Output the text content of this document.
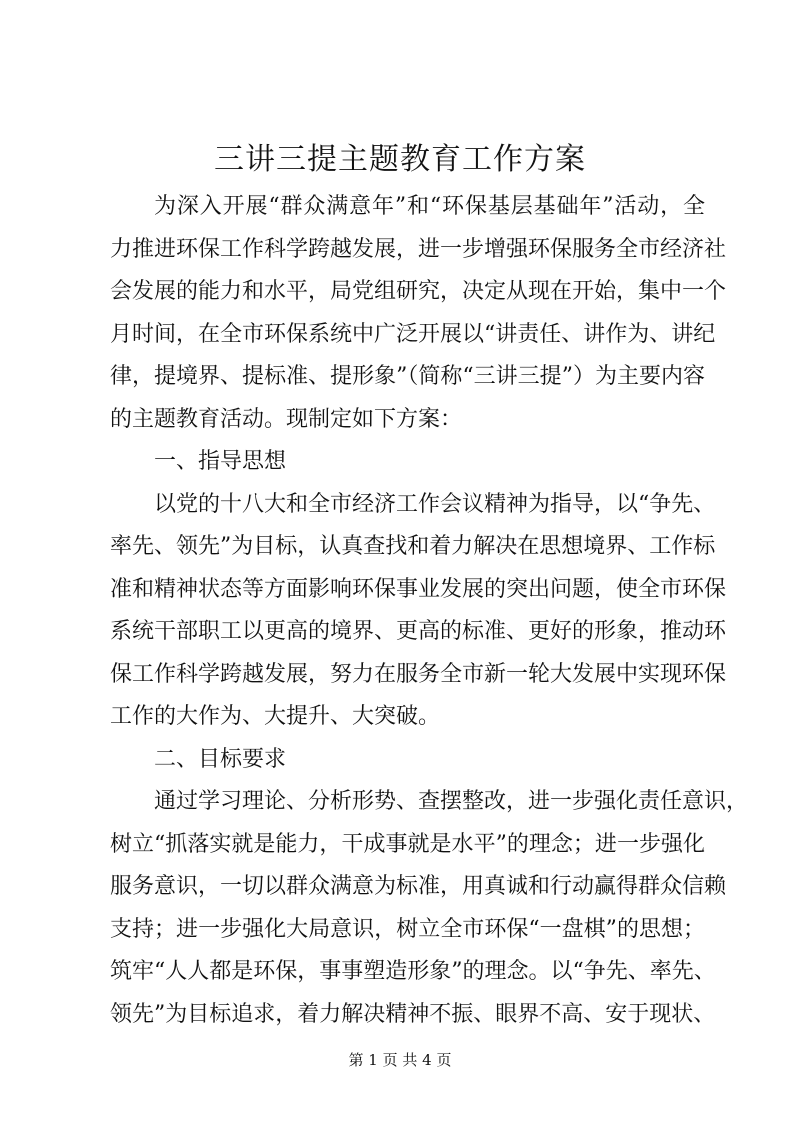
三讲三提主题教育工作方案
为深入开展“群众满意年”和“环保基层基础年”活动，全
力推进环保工作科学跨越发展，进一步增强环保服务全市经济社
会发展的能力和水平，局党组研究，决定从现在开始，集中一个
月时间，在全市环保系统中广泛开展以“讲责任、讲作为、讲纪
律，提境界、提标准、提形象”（简称“三讲三提”）为主要内容
的主题教育活动。现制定如下方案：
一、指导思想
以党的十八大和全市经济工作会议精神为指导，以“争先、
率先、领先”为目标，认真查找和着力解决在思想境界、工作标
准和精神状态等方面影响环保事业发展的突出问题，使全市环保
系统干部职工以更高的境界、更高的标准、更好的形象，推动环
保工作科学跨越发展，努力在服务全市新一轮大发展中实现环保
工作的大作为、大提升、大突破。
二、目标要求
通过学习理论、分析形势、查摆整改，进一步强化责任意识，
树立“抓落实就是能力，干成事就是水平”的理念；进一步强化
服务意识，一切以群众满意为标准，用真诚和行动赢得群众信赖
支持；进一步强化大局意识，树立全市环保“一盘棋”的思想；
筑牢“人人都是环保，事事塑造形象”的理念。以“争先、率先、
领先”为目标追求，着力解决精神不振、眼界不高、安于现状、
第 1 页 共 4 页
